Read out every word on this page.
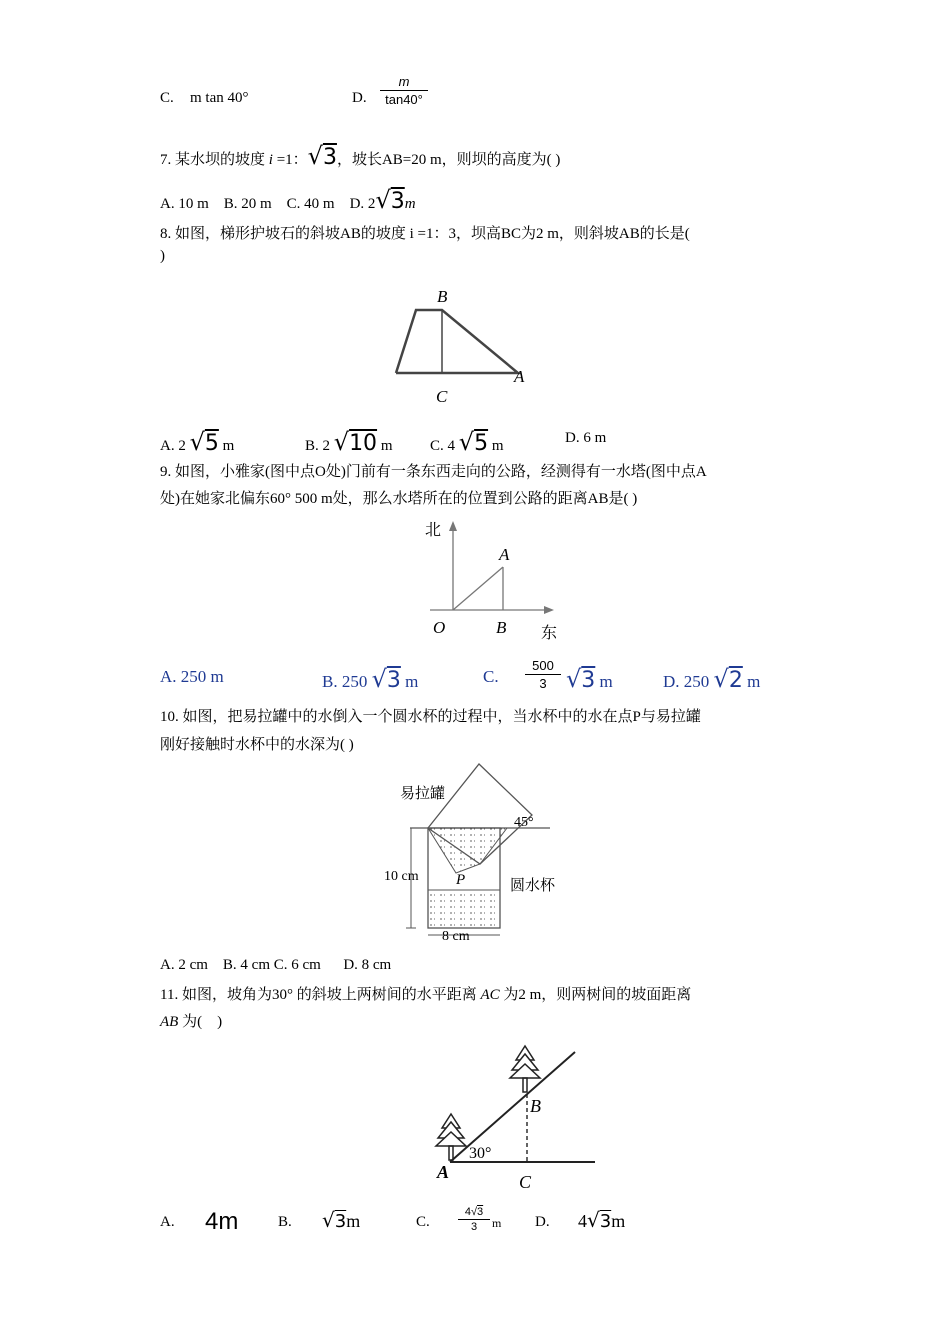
C. m tan 40°	D.
m
tan40°
7. 某水坝的坡度 i =1：√3，坡长AB=20 m，则坝的高度为( )
A. 10 m    B. 20 m    C. 40 m    D. 2√3m
8. 如图，梯形护坡石的斜坡AB的坡度 i =1：3，坝高BC为2 m，则斜坡AB的长是(
)
B
C
A
A. 2 √5 m	B. 2 √10 m	C. 4 √5 m	D. 6 m
9. 如图，小雅家(图中点O处)门前有一条东西走向的公路，经测得有一水塔(图中点A
处)在她家北偏东60° 500 m处，那么水塔所在的位置到公路的距离AB是( )
北
东
O
A
B
A. 250 m	B. 250 √3 m	C.
500
3 √3 m	D. 250 √2 m
10. 如图，把易拉罐中的水倒入一个圆水杯的过程中，当水杯中的水在点P与易拉罐
刚好接触时水杯中的水深为( )
易拉罐
45°
10 cm P	圆水杯
8 cm
A. 2 cm    B. 4 cm C. 6 cm      D. 8 cm
11. 如图，坡角为30° 的斜坡上两树间的水平距离 AC 为2 m，则两树间的坡面距离
AB 为(    )
A
B
C
30°
A. 4m	B. √3m	C.
4√3
3	m D. 4√3m
